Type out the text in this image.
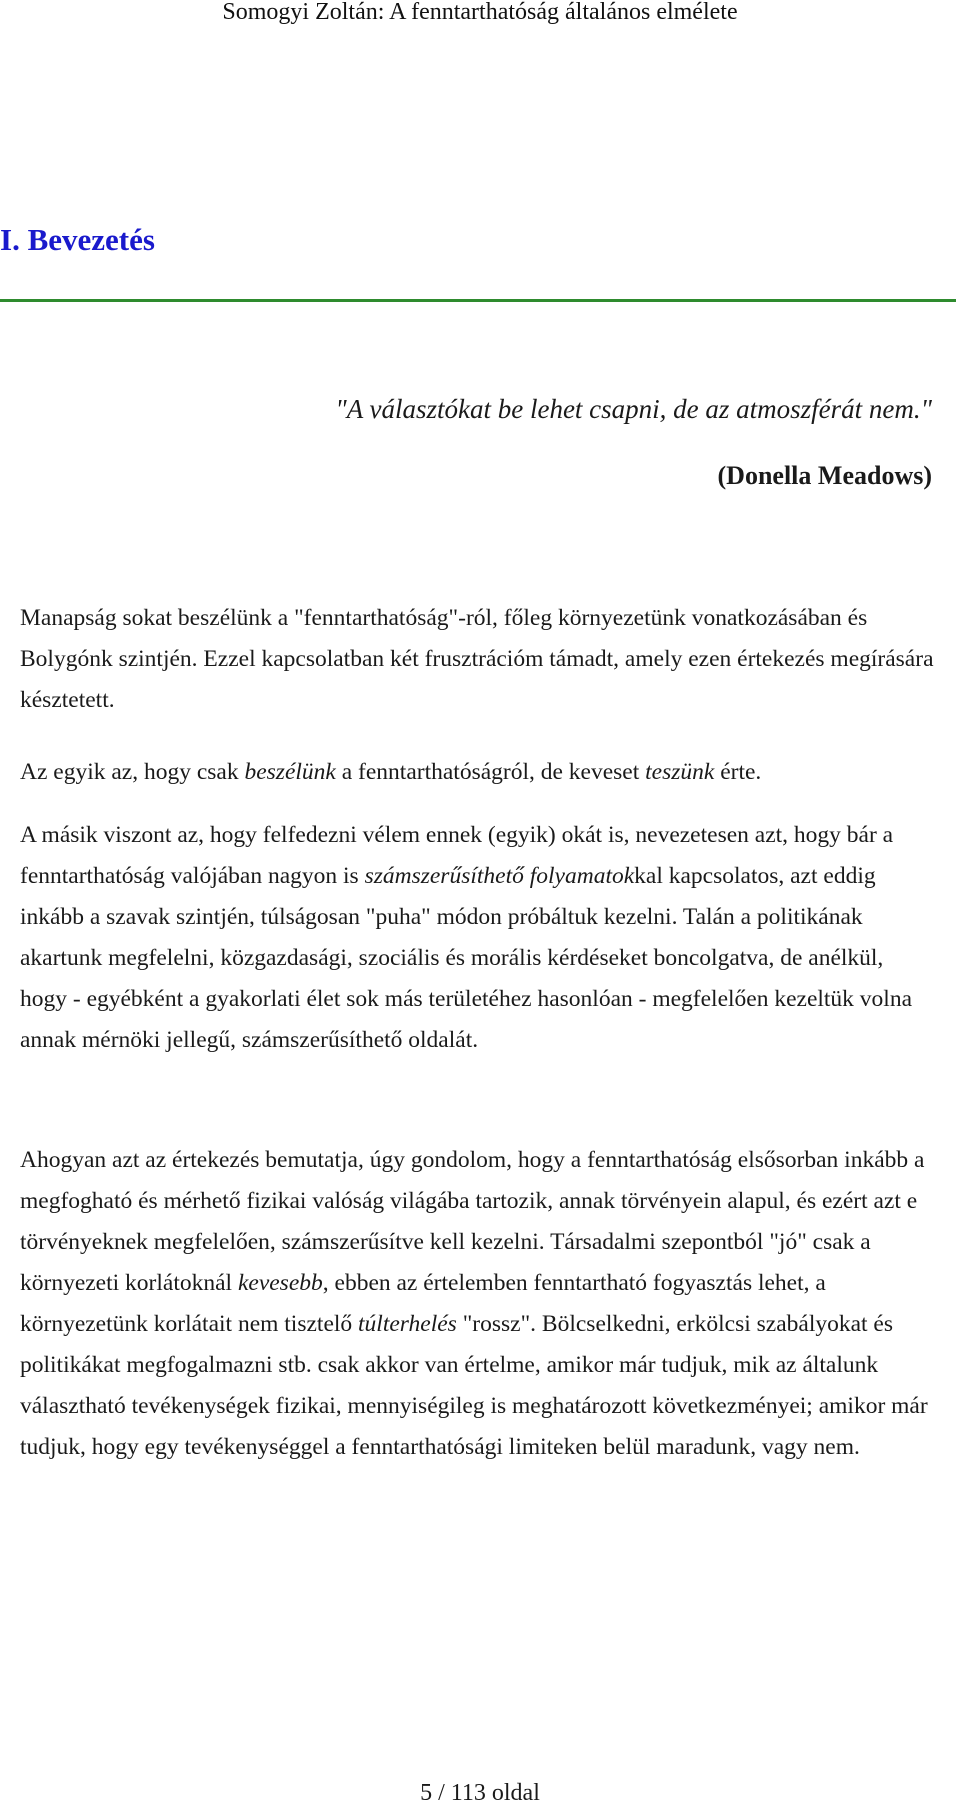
Somogyi Zoltán: A fenntarthatóság általános elmélete
I. Bevezetés
"A választókat be lehet csapni, de az atmoszférát nem."
(Donella Meadows)

Manapság sokat beszélünk a "fenntarthatóság"-ról, főleg környezetünk vonatkozásában és Bolygónk szintjén. Ezzel kapcsolatban két frusztrációm támadt, amely ezen értekezés megírására késztetett.

Az egyik az, hogy csak beszélünk a fenntarthatóságról, de keveset teszünk érte.

A másik viszont az, hogy felfedezni vélem ennek (egyik) okát is, nevezetesen azt, hogy bár a fenntarthatóság valójában nagyon is számszerűsíthető folyamatokkal kapcsolatos, azt eddig inkább a szavak szintjén, túlságosan "puha" módon próbáltuk kezelni. Talán a politikának akartunk megfelelni, közgazdasági, szociális és morális kérdéseket boncolgatva, de anélkül, hogy - egyébként a gyakorlati élet sok más területéhez hasonlóan - megfelelően kezeltük volna annak mérnöki jellegű, számszerűsíthető oldalát.

Ahogyan azt az értekezés bemutatja, úgy gondolom, hogy a fenntarthatóság elsősorban inkább a megfogható és mérhető fizikai valóság világába tartozik, annak törvényein alapul, és ezért azt e törvényeknek megfelelően, számszerűsítve kell kezelni. Társadalmi szepontból "jó" csak a környezeti korlátoknál kevesebb, ebben az értelemben fenntartható fogyasztás lehet, a környezetünk korlátait nem tisztelő túlterhelés "rossz". Bölcselkedni, erkölcsi szabályokat és politikákat megfogalmazni stb. csak akkor van értelme, amikor már tudjuk, mik az általunk választható tevékenységek fizikai, mennyiségileg is meghatározott következményei; amikor már tudjuk, hogy egy tevékenységgel a fenntarthatósági limiteken belül maradunk, vagy nem.

5 / 113 oldal
